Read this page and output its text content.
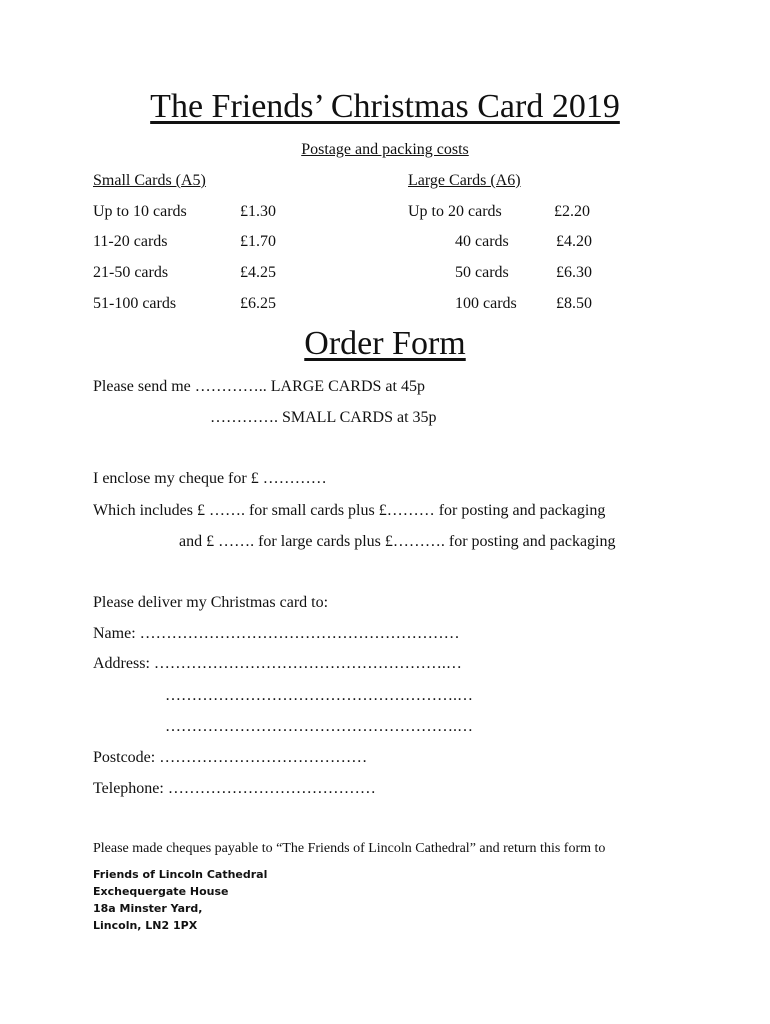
The Friends’ Christmas Card 2019
Postage and packing costs
Small Cards (A5)
Up to 10 cards	£1.30
11-20 cards	£1.70
21-50 cards	£4.25
51-100 cards	£6.25
Large Cards (A6)
Up to 20 cards	£2.20
40 cards	£4.20
50 cards	£6.30
100 cards £8.50
Order Form
Please send me ………….. LARGE CARDS at 45p
…………. SMALL CARDS at 35p
I enclose my cheque for £ …………
Which includes £ ……. for small cards plus £……… for posting and packaging
and £ ……. for large cards plus £………. for posting and packaging
Please deliver my Christmas card to:
Name: ……………………………………………………
Address: ……………………………………………….…
……………………………………………….…
……………………………………………….…
Postcode: …………………………………
Telephone: …………………………………
Please made cheques payable to “The Friends of Lincoln Cathedral” and return this form to
Friends of Lincoln Cathedral
Exchequergate House
18a Minster Yard,
Lincoln, LN2 1PX
